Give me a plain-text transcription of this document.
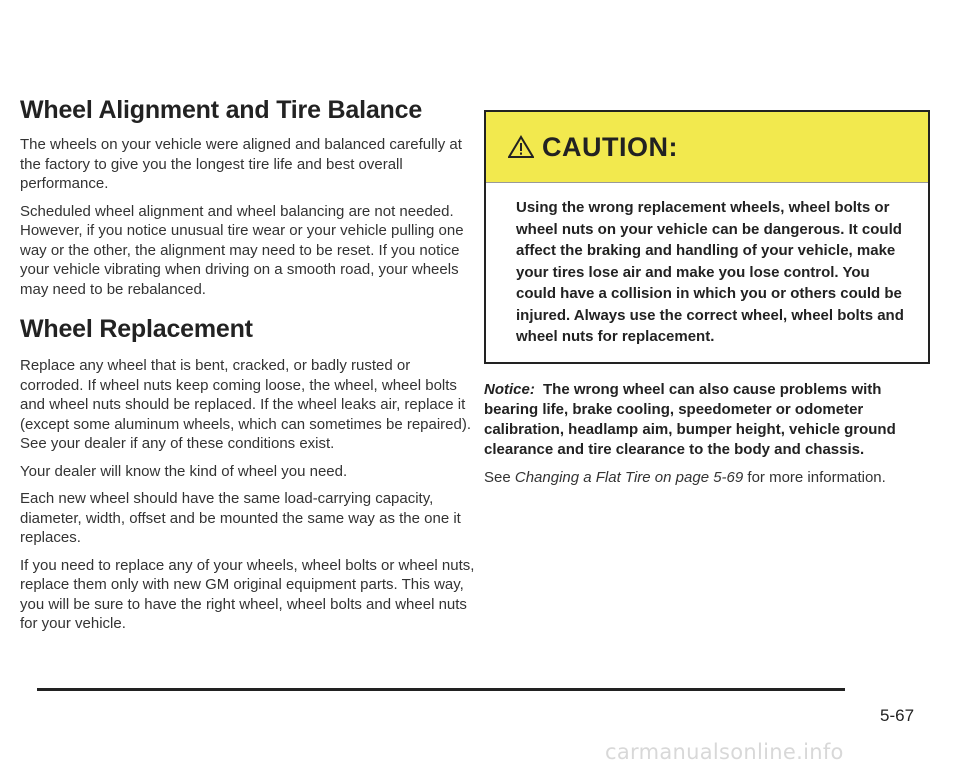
Wheel Alignment and Tire Balance

The wheels on your vehicle were aligned and balanced carefully at the factory to give you the longest tire life and best overall performance.

Scheduled wheel alignment and wheel balancing are not needed. However, if you notice unusual tire wear or your vehicle pulling one way or the other, the alignment may need to be reset. If you notice your vehicle vibrating when driving on a smooth road, your wheels may need to be rebalanced.

Wheel Replacement

Replace any wheel that is bent, cracked, or badly rusted or corroded. If wheel nuts keep coming loose, the wheel, wheel bolts and wheel nuts should be replaced. If the wheel leaks air, replace it (except some aluminum wheels, which can sometimes be repaired). See your dealer if any of these conditions exist.

Your dealer will know the kind of wheel you need.

Each new wheel should have the same load-carrying capacity, diameter, width, offset and be mounted the same way as the one it replaces.

If you need to replace any of your wheels, wheel bolts or wheel nuts, replace them only with new GM original equipment parts. This way, you will be sure to have the right wheel, wheel bolts and wheel nuts for your vehicle.

CAUTION:
Using the wrong replacement wheels, wheel bolts or wheel nuts on your vehicle can be dangerous. It could affect the braking and handling of your vehicle, make your tires lose air and make you lose control. You could have a collision in which you or others could be injured. Always use the correct wheel, wheel bolts and wheel nuts for replacement.
Notice: The wrong wheel can also cause problems with bearing life, brake cooling, speedometer or odometer calibration, headlamp aim, bumper height, vehicle ground clearance and tire clearance to the body and chassis.
See Changing a Flat Tire on page 5-69 for more information.
5-67
carmanualsonline.info
